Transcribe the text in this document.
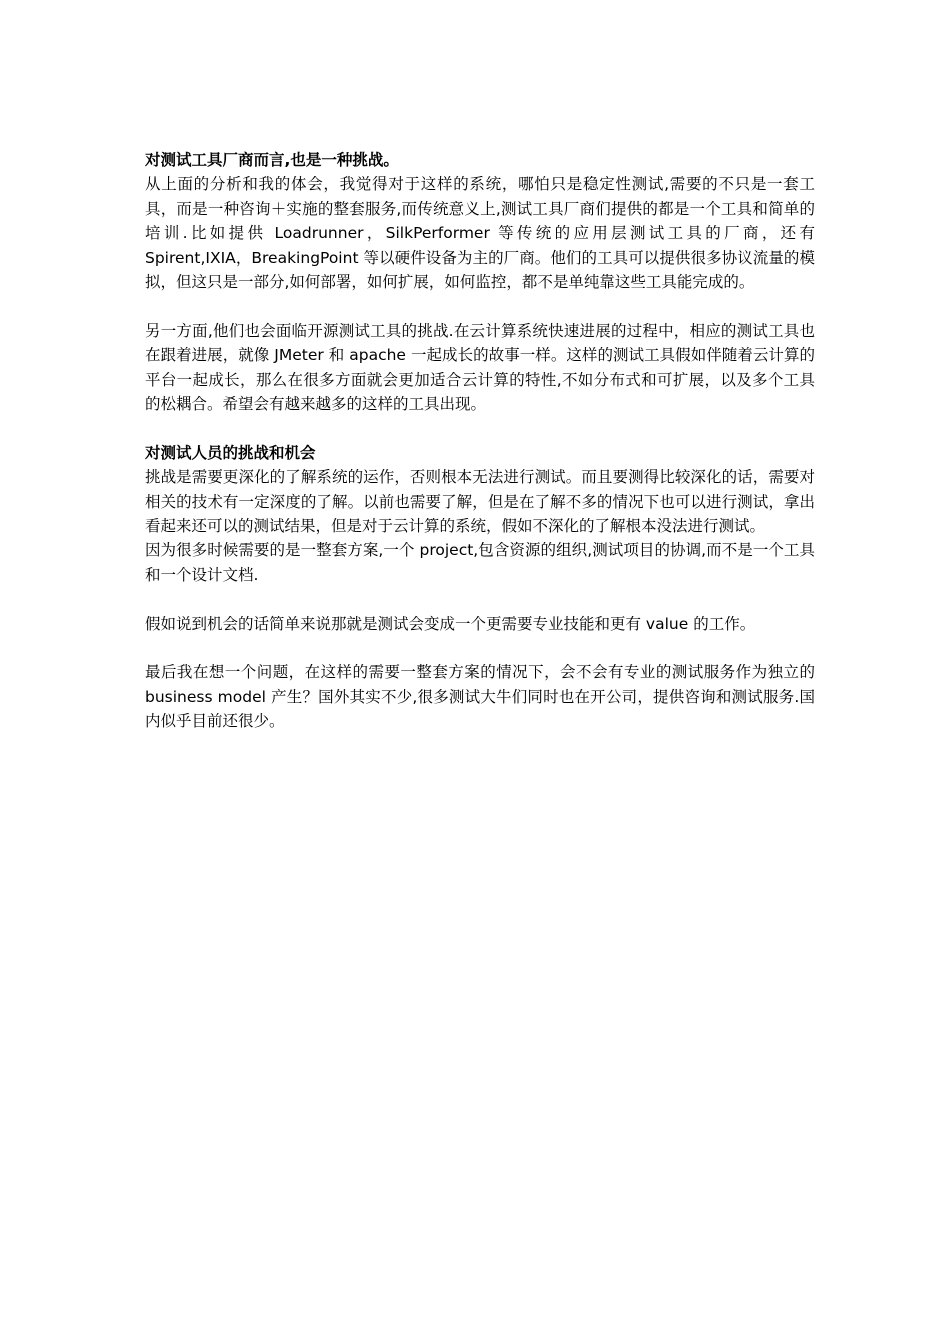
对测试工具厂商而言,也是一种挑战。

从上面的分析和我的体会，我觉得对于这样的系统，哪怕只是稳定性测试,需要的不只是一套工具，而是一种咨询＋实施的整套服务,而传统意义上,测试工具厂商们提供的都是一个工具和简单的培训.比如提供 Loadrunner，SilkPerformer 等传统的应用层测试工具的厂商，还有 Spirent,IXIA，BreakingPoint 等以硬件设备为主的厂商。他们的工具可以提供很多协议流量的模拟，但这只是一部分,如何部署，如何扩展，如何监控，都不是单纯靠这些工具能完成的。

另一方面,他们也会面临开源测试工具的挑战.在云计算系统快速进展的过程中，相应的测试工具也在跟着进展，就像 JMeter 和 apache 一起成长的故事一样。这样的测试工具假如伴随着云计算的平台一起成长，那么在很多方面就会更加适合云计算的特性,不如分布式和可扩展，以及多个工具的松耦合。希望会有越来越多的这样的工具出现。

对测试人员的挑战和机会

挑战是需要更深化的了解系统的运作，否则根本无法进行测试。而且要测得比较深化的话，需要对相关的技术有一定深度的了解。以前也需要了解，但是在了解不多的情况下也可以进行测试，拿出看起来还可以的测试结果，但是对于云计算的系统，假如不深化的了解根本没法进行测试。

因为很多时候需要的是一整套方案,一个 project,包含资源的组织,测试项目的协调,而不是一个工具和一个设计文档.

假如说到机会的话简单来说那就是测试会变成一个更需要专业技能和更有 value 的工作。

最后我在想一个问题，在这样的需要一整套方案的情况下，会不会有专业的测试服务作为独立的 business model 产生？国外其实不少,很多测试大牛们同时也在开公司，提供咨询和测试服务.国内似乎目前还很少。
